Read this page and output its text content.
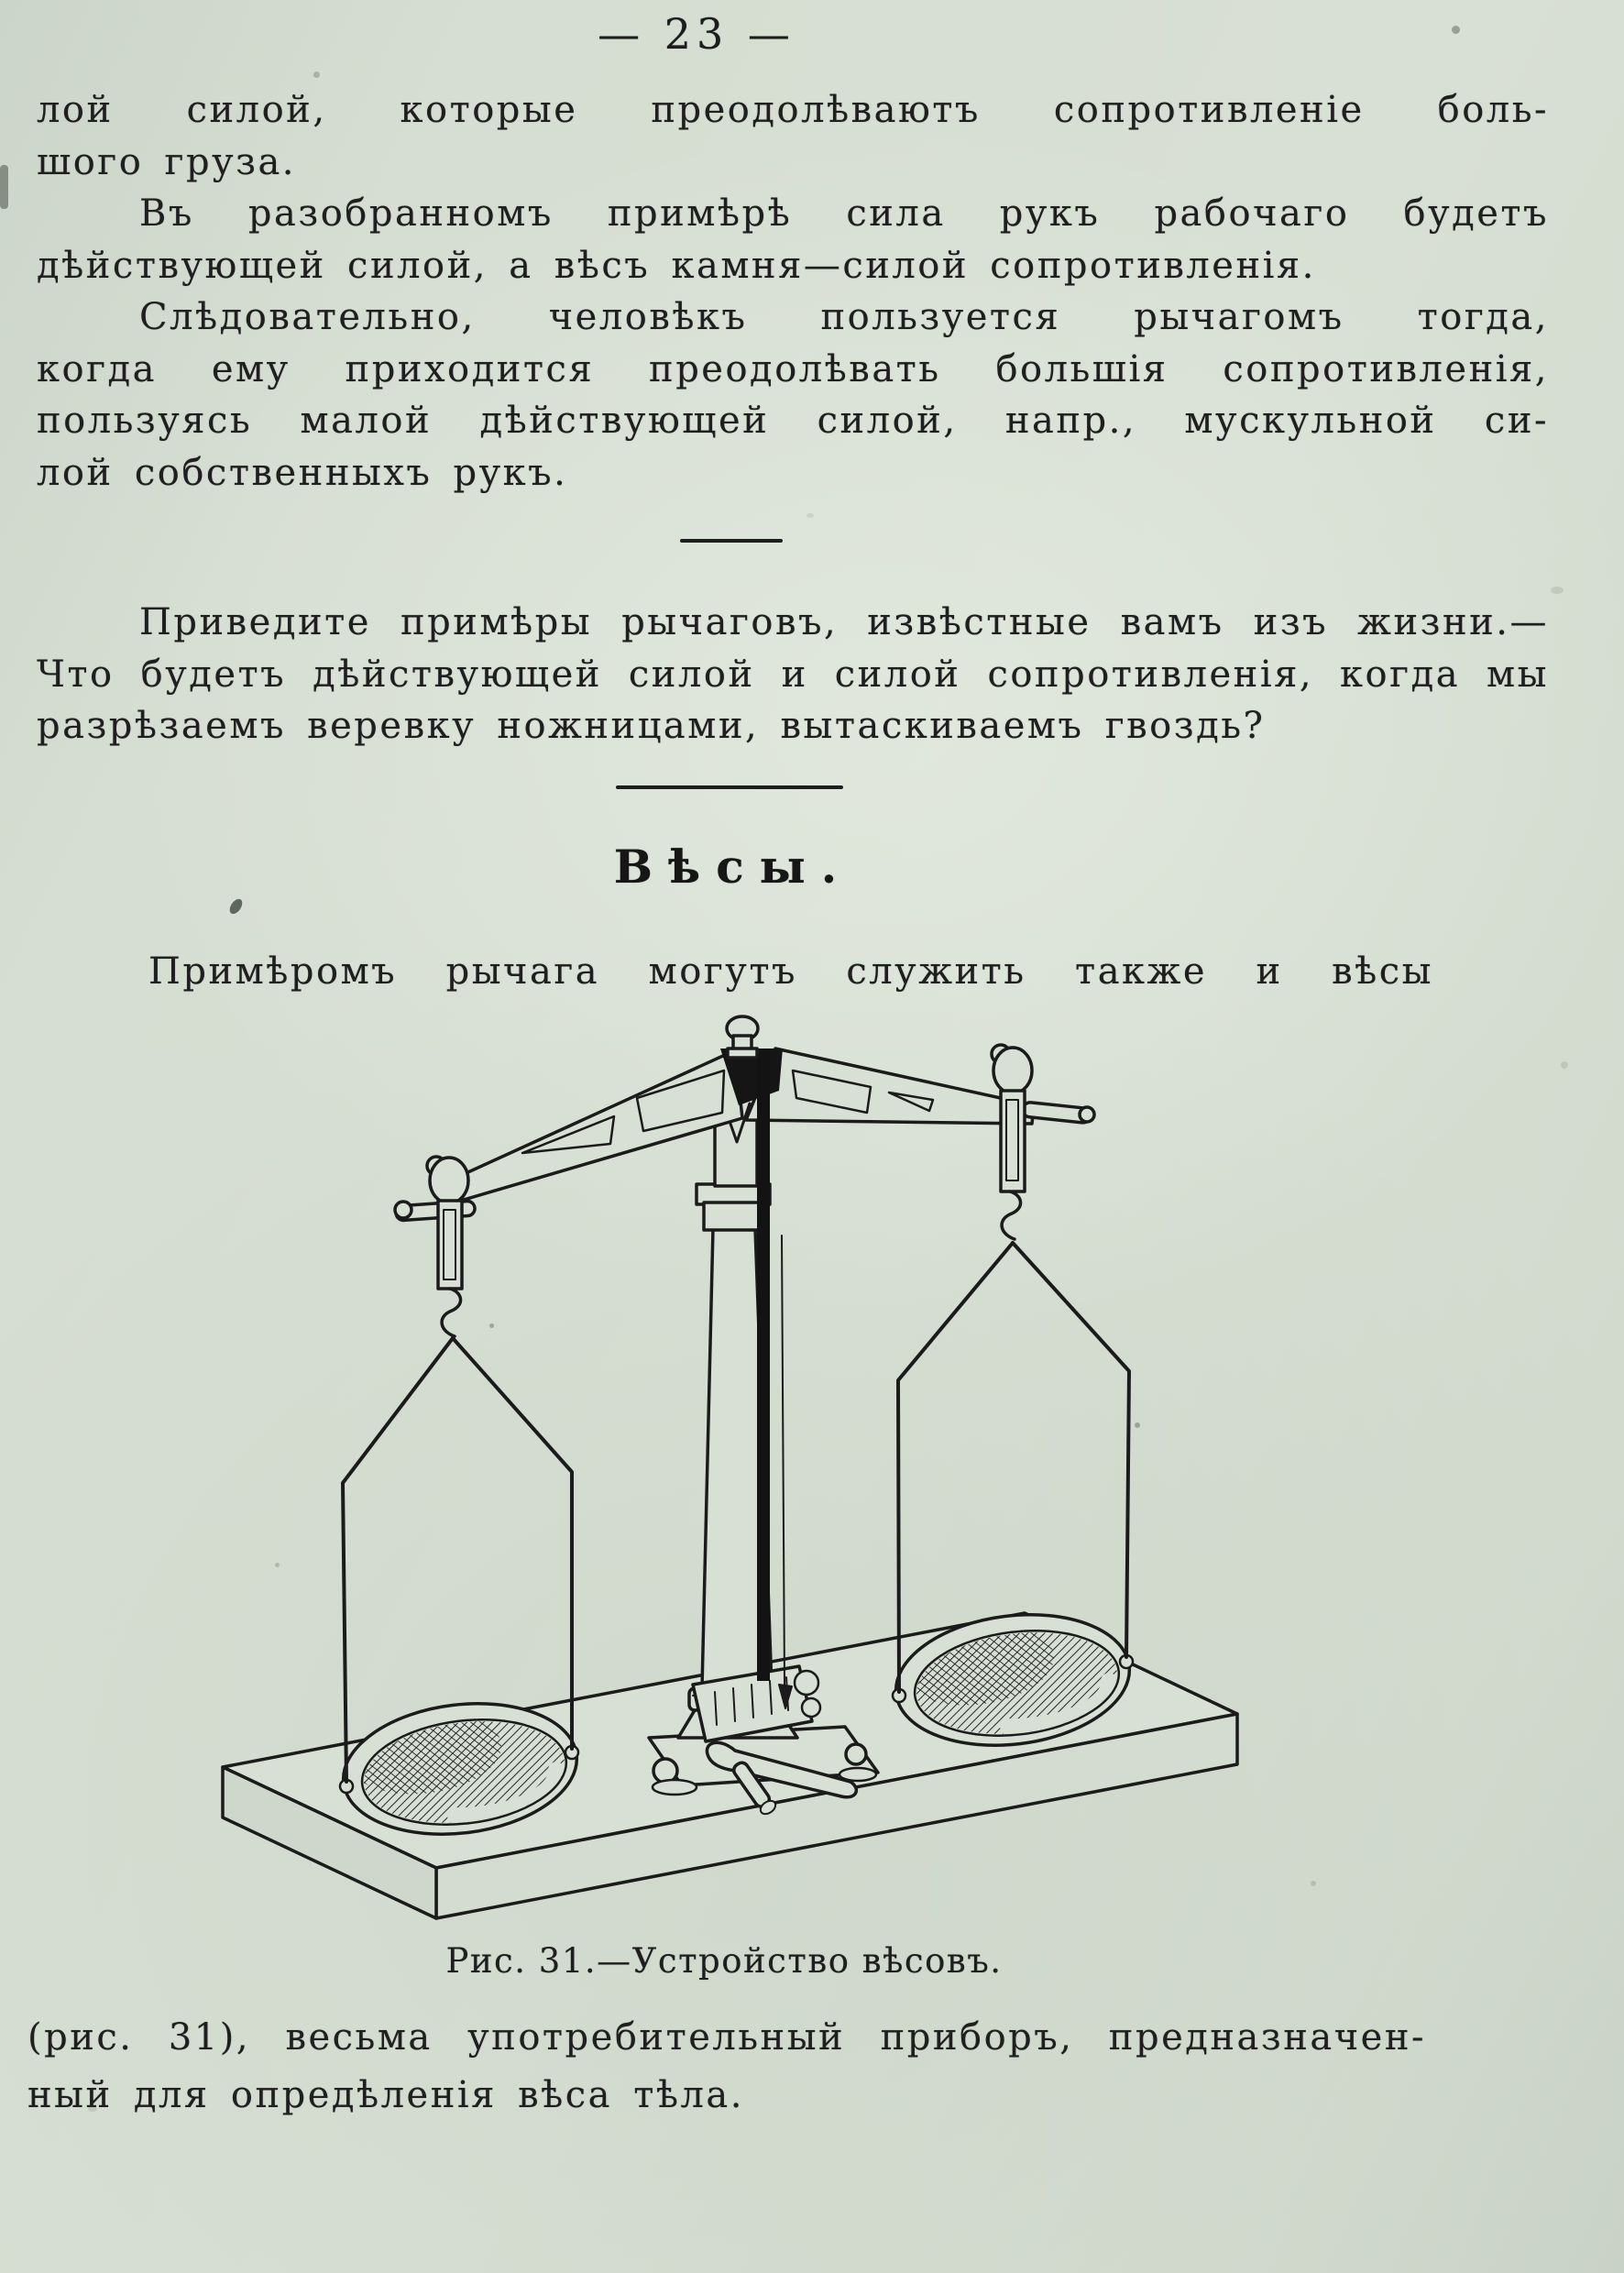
— 23 —
лой силой, которые преодолѣваютъ сопротивленіе боль-
шого груза.
Въ разобранномъ примѣрѣ сила рукъ рабочаго будетъ
дѣйствующей силой, а вѣсъ камня—силой сопротивленія.
Слѣдовательно, человѣкъ пользуется рычагомъ тогда,
когда ему приходится преодолѣвать большія сопротивленія,
пользуясь малой дѣйствующей силой, напр., мускульной си-
лой собственныхъ рукъ.
Приведите примѣры рычаговъ, извѣстные вамъ изъ жизни.—
Что будетъ дѣйствующей силой и силой сопротивленія, когда мы
разрѣзаемъ веревку ножницами, вытаскиваемъ гвоздь?
Вѣсы.
Примѣромъ рычага могутъ служить также и вѣсы
Рис. 31.—Устройство вѣсовъ.
(рис. 31), весьма употребительный приборъ, предназначен-
ный для опредѣленія вѣса тѣла.
